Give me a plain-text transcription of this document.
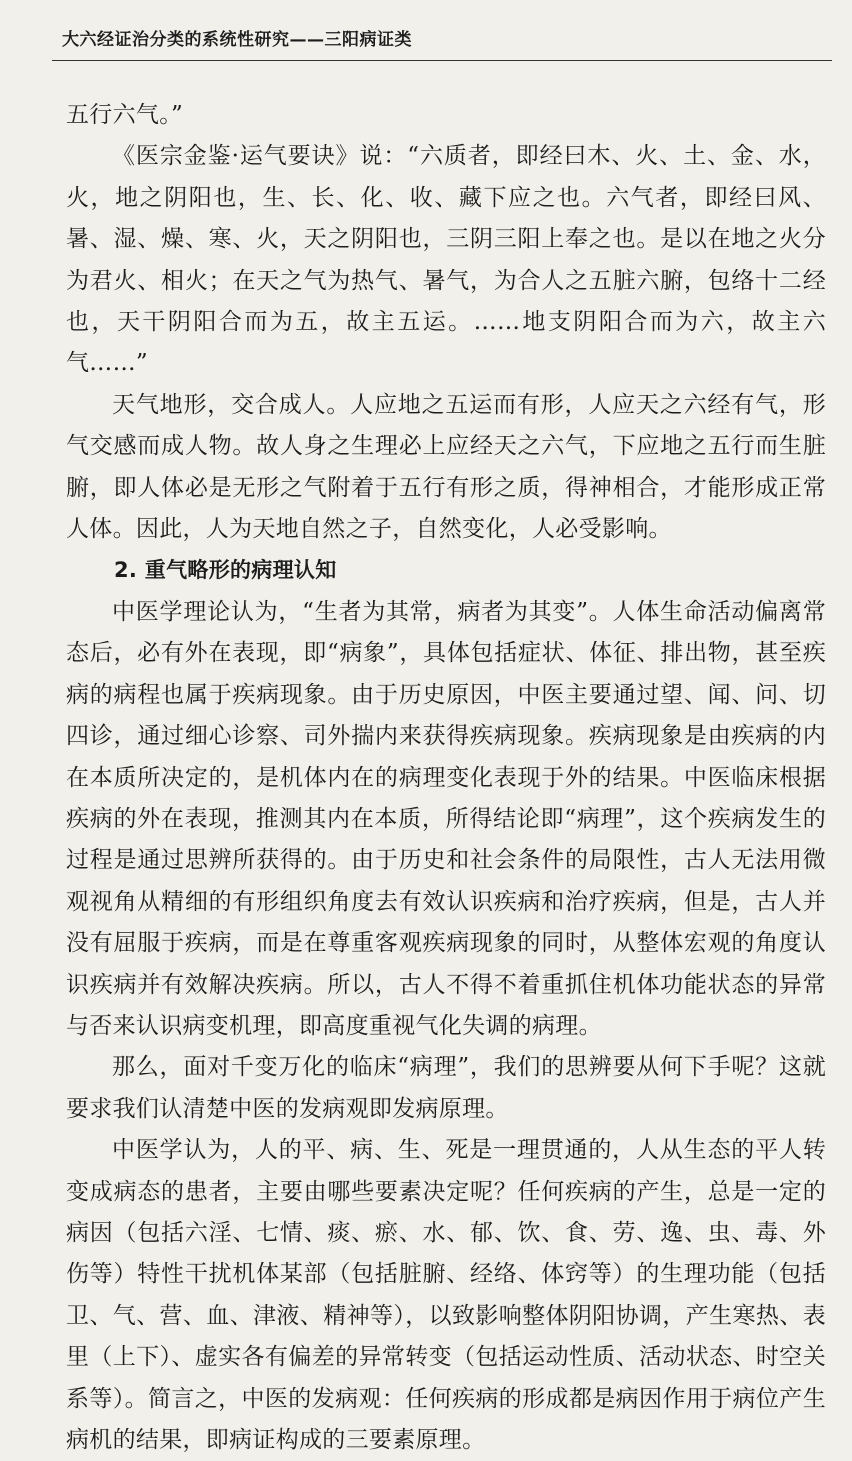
大六经证治分类的系统性研究——三阳病证类

五行六气。”

《医宗金鉴·运气要诀》说：“六质者，即经曰木、火、土、金、水，火，地之阴阳也，生、长、化、收、藏下应之也。六气者，即经曰风、暑、湿、燥、寒、火，天之阴阳也，三阴三阳上奉之也。是以在地之火分为君火、相火；在天之气为热气、暑气，为合人之五脏六腑，包络十二经也，天干阴阳合而为五，故主五运。……地支阴阳合而为六，故主六气……”

天气地形，交合成人。人应地之五运而有形，人应天之六经有气，形气交感而成人物。故人身之生理必上应经天之六气，下应地之五行而生脏腑，即人体必是无形之气附着于五行有形之质，得神相合，才能形成正常人体。因此，人为天地自然之子，自然变化，人必受影响。

2. 重气略形的病理认知

中医学理论认为，“生者为其常，病者为其变”。人体生命活动偏离常态后，必有外在表现，即“病象”，具体包括症状、体征、排出物，甚至疾病的病程也属于疾病现象。由于历史原因，中医主要通过望、闻、问、切四诊，通过细心诊察、司外揣内来获得疾病现象。疾病现象是由疾病的内在本质所决定的，是机体内在的病理变化表现于外的结果。中医临床根据疾病的外在表现，推测其内在本质，所得结论即“病理”，这个疾病发生的过程是通过思辨所获得的。由于历史和社会条件的局限性，古人无法用微观视角从精细的有形组织角度去有效认识疾病和治疗疾病，但是，古人并没有屈服于疾病，而是在尊重客观疾病现象的同时，从整体宏观的角度认识疾病并有效解决疾病。所以，古人不得不着重抓住机体功能状态的异常与否来认识病变机理，即高度重视气化失调的病理。

那么，面对千变万化的临床“病理”，我们的思辨要从何下手呢？这就要求我们认清楚中医的发病观即发病原理。

中医学认为，人的平、病、生、死是一理贯通的，人从生态的平人转变成病态的患者，主要由哪些要素决定呢？任何疾病的产生，总是一定的病因（包括六淫、七情、痰、瘀、水、郁、饮、食、劳、逸、虫、毒、外伤等）特性干扰机体某部（包括脏腑、经络、体窍等）的生理功能（包括卫、气、营、血、津液、精神等），以致影响整体阴阳协调，产生寒热、表里（上下）、虚实各有偏差的异常转变（包括运动性质、活动状态、时空关系等）。简言之，中医的发病观：任何疾病的形成都是病因作用于病位产生病机的结果，即病证构成的三要素原理。
